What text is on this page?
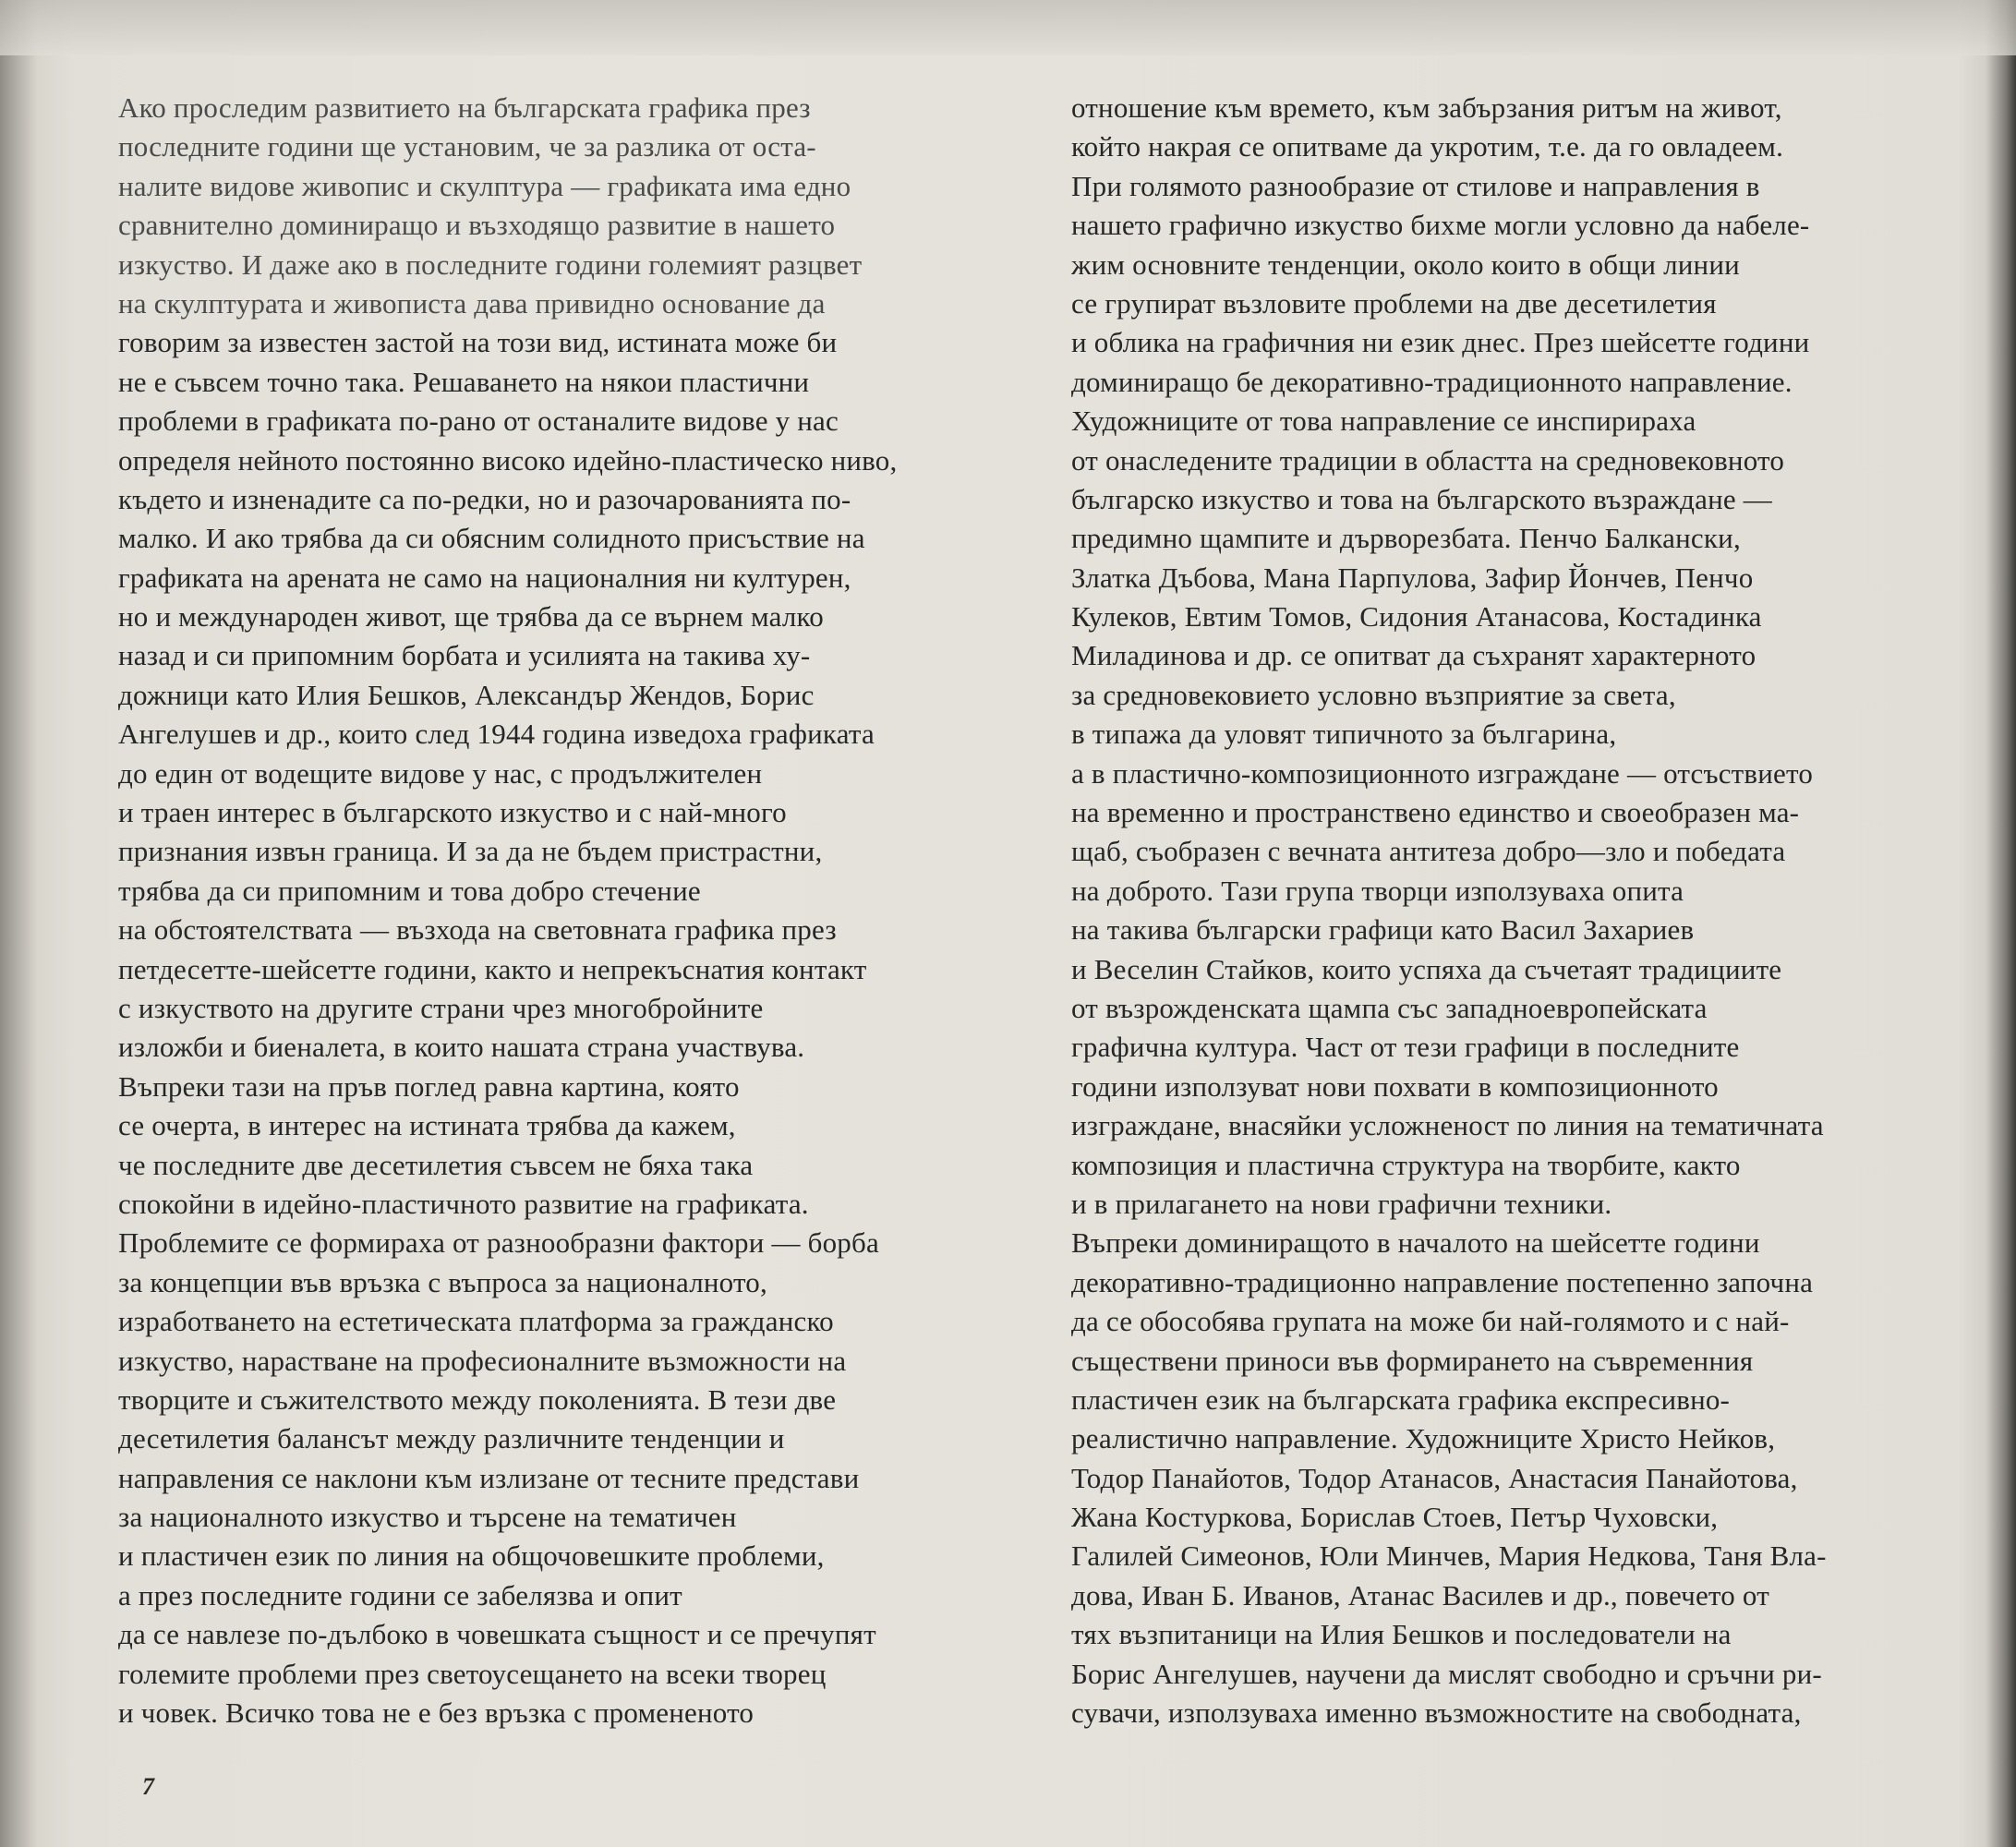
Ако проследим развитието на българската графика през
последните години ще установим, че за разлика от оста-
налите видове живопис и скулптура — графиката има едно
сравнително доминиращо и възходящо развитие в нашето
изкуство. И даже ако в последните години големият разцвет
на скулптурата и живописта дава привидно основание да
говорим за известен застой на този вид, истината може би
не е съвсем точно така. Решаването на някои пластични
проблеми в графиката по-рано от останалите видове у нас
определя нейното постоянно високо идейно-пластическо ниво,
където и изненадите са по-редки, но и разочарованията по-
малко. И ако трябва да си обясним солидното присъствие на
графиката на арената не само на националния ни културен,
но и международен живот, ще трябва да се върнем малко
назад и си припомним борбата и усилията на такива ху-
дожници като Илия Бешков, Александър Жендов, Борис
Ангелушев и др., които след 1944 година изведоха графиката
до един от водещите видове у нас, с продължителен
и траен интерес в българското изкуство и с най-много
признания извън граница. И за да не бъдем пристрастни,
трябва да си припомним и това добро стечение
на обстоятелствата — възхода на световната графика през
петдесетте-шейсетте години, както и непрекъснатия контакт
с изкуството на другите страни чрез многобройните
изложби и биеналета, в които нашата страна участвува.
Въпреки тази на пръв поглед равна картина, която
се очерта, в интерес на истината трябва да кажем,
че последните две десетилетия съвсем не бяха така
спокойни в идейно-пластичното развитие на графиката.
Проблемите се формираха от разнообразни фактори — борба
за концепции във връзка с въпроса за националното,
изработването на естетическата платформа за гражданско
изкуство, нарастване на професионалните възможности на
творците и съжителството между поколенията. В тези две
десетилетия балансът между различните тенденции и
направления се наклони към излизане от тесните представи
за националното изкуство и търсене на тематичен
и пластичен език по линия на общочовешките проблеми,
а през последните години се забелязва и опит
да се навлезе по-дълбоко в човешката същност и се пречупят
големите проблеми през светоусещането на всеки творец
и човек. Всичко това не е без връзка с промененото
отношение към времето, към забързания ритъм на живот,
който накрая се опитваме да укротим, т.е. да го овладеем.
При голямото разнообразие от стилове и направления в
нашето графично изкуство бихме могли условно да набеле-
жим основните тенденции, около които в общи линии
се групират възловите проблеми на две десетилетия
и облика на графичния ни език днес. През шейсетте години
доминиращо бе декоративно-традиционното направление.
Художниците от това направление се инспирираха
от онаследените традиции в областта на средновековното
българско изкуство и това на българското възраждане —
предимно щампите и дърворезбата. Пенчо Балкански,
Златка Дъбова, Мана Парпулова, Зафир Йончев, Пенчо
Кулеков, Евтим Томов, Сидония Атанасова, Костадинка
Миладинова и др. се опитват да съхранят характерното
за средновековието условно възприятие за света,
в типажа да уловят типичното за българина,
а в пластично-композиционното изграждане — отсъствието
на временно и пространствено единство и своеобразен ма-
щаб, съобразен с вечната антитеза добро—зло и победата
на доброто. Тази група творци използуваха опита
на такива български графици като Васил Захариев
и Веселин Стайков, които успяха да съчетаят традициите
от възрожденската щампа със западноевропейската
графична култура. Част от тези графици в последните
години използуват нови похвати в композиционното
изграждане, внасяйки усложненост по линия на тематичната
композиция и пластична структура на творбите, както
и в прилагането на нови графични техники.
Въпреки доминиращото в началото на шейсетте години
декоративно-традиционно направление постепенно започна
да се обособява групата на може би най-голямото и с най-
съществени приноси във формирането на съвременния
пластичен език на българската графика експресивно-
реалистично направление. Художниците Христо Нейков,
Тодор Панайотов, Тодор Атанасов, Анастасия Панайотова,
Жана Костуркова, Борислав Стоев, Петър Чуховски,
Галилей Симеонов, Юли Минчев, Мария Недкова, Таня Вла-
дова, Иван Б. Иванов, Атанас Василев и др., повечето от
тях възпитаници на Илия Бешков и последователи на
Борис Ангелушев, научени да мислят свободно и сръчни ри-
сувачи, използуваха именно възможностите на свободната,
7
